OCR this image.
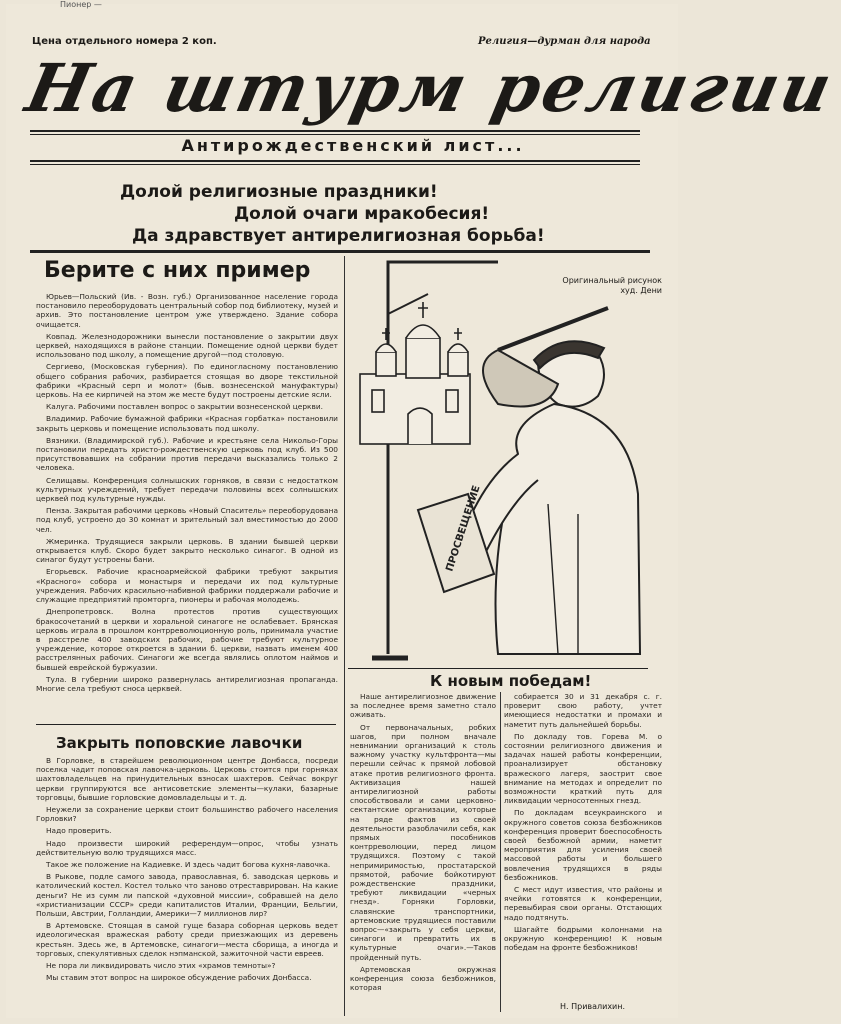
Пионер —
Цена отдельного номера 2 коп.	Религия—дурман для народа
На штурм религии
Антирождественский лист...
Долой религиозные праздники!
Долой очаги мракобесия!
Да здравствует антирелигиозная борьба!
Берите с них пример

Юрьев—Польский (Ив. - Возн. губ.) Организованное население города постановило переоборудовать центральный собор под библиотеку, музей и архив. Это постановление центром уже утверждено. Здание собора очищается.

Ковпад. Железнодорожники вынесли постановление о закрытии двух церквей, находящихся в районе станции. Помещение одной церкви будет использовано под школу, а помещение другой—под столовую.

Сергиево, (Московская губерния). По единогласному постановлению общего собрания рабочих, разбирается стоящая во дворе текстильной фабрики «Красный серп и молот» (быв. вознесенской мануфактуры) церковь. На ее кирпичей на этом же месте будут построены детские ясли.

Калуга. Рабочими поставлен вопрос о закрытии вознесенской церкви.

Владимир. Рабочие бумажной фабрики «Красная горбатка» постановили закрыть церковь и помещение использовать под школу.

Вязники. (Владимирской губ.). Рабочие и крестьяне села Никольо-Горы постановили передать христо-рождественскую церковь под клуб. Из 500 присутствовавших на собрании против передачи высказались только 2 человека.

Селищавы. Конференция солнышских горняков, в связи с недостатком культурных учреждений, требует передачи половины всех солнышских церквей под культурные нужды.

Пенза. Закрытая рабочими церковь «Новый Спаситель» переоборудована под клуб, устроено до 30 комнат и зрительный зал вместимостью до 2000 чел.

Жмеринка. Трудящиеся закрыли церковь. В здании бывшей церкви открывается клуб. Скоро будет закрыто несколько синагог. В одной из синагог будут устроены бани.

Егорьевск. Рабочие красноармейской фабрики требуют закрытия «Красного» собора и монастыря и передачи их под культурные учреждения. Рабочих красильно-набивной фабрики поддержали рабочие и служащие предприятий промторга, пионеры и рабочая молодежь.

Днепропетровск. Волна протестов против существующих бракосочетаний в церкви и хоральной синагоге не ослабевает. Брянская церковь играла в прошлом контрреволюционную роль, принимала участие в расстреле 400 заводских рабочих, рабочие требуют культурное учреждение, которое откроется в здании б. церкви, назвать именем 400 расстрелянных рабочих. Синагоги же всегда являлись оплотом наймов и бывшей еврейской буржуазии.

Тула. В губернии широко развернулась антирелигиозная пропаганда. Многие села требуют сноса церквей.

Закрыть поповские лавочки

В Горловке, в старейшем революционном центре Донбасса, посреди поселка чадит поповская лавочка-церковь. Церковь стоится при горняках шахтовладельцев на принудительных взносах шахтеров. Сейчас вокруг церкви группируются все антисоветские элементы—кулаки, базарные торговцы, бывшие горловские домовладельцы и т. д.

Неужели за сохранение церкви стоит большинство рабочего населения Горловки?

Надо проверить.

Надо произвести широкий референдум—опрос, чтобы узнать действительную волю трудящихся масс.

Такое же положение на Кадиевке. И здесь чадит богова кухня-лавочка.

В Рыкове, подле самого завода, православная, б. заводская церковь и католический костел. Костел только что заново отреставрирован. На какие деньги? Не из сумм ли папской «духовной миссии», собравшей на дело «христианизации СССР» среди капиталистов Италии, Франции, Бельгии, Польши, Австрии, Голландии, Америки—7 миллионов лир?

В Артемовске. Стоящая в самой гуще базара соборная церковь ведет идеологическая вражеская работу среди приезжающих из деревень крестьян. Здесь же, в Артемовске, синагоги—места сборища, а иногда и торговых, спекулятивных сделок нэпманской, зажиточной части евреев.

Не пора ли ликвидировать число этих «храмов темноты»?

Мы ставим этот вопрос на широкое обсуждение рабочих Донбасса.

ПРОСВЕЩЕНИЕ
Оригинальный рисунок
худ. Дени
К новым победам!

Наше антирелигиозное движение за последнее время заметно стало оживать.

От первоначальных, робких шагов, при полном вначале невнимании организаций к столь важному участку культфронта—мы перешли сейчас к прямой лобовой атаке против религиозного фронта. Активизация нашей антирелигиозной работы способствовали и сами церковно-сектантские организации, которые на ряде фактов из своей деятельности разоблачили себя, как прямых пособников контрреволюции, перед лицом трудящихся. Поэтому с такой непримиримостью, простатарской прямотой, рабочие бойкотируют рождественские праздники, требуют ликвидации «черных гнезд». Горняки Горловки, славянские транспортники, артемовские трудящиеся поставили вопрос—«закрыть у себя церкви, синагоги и превратить их в культурные очаги».—Таков пройденный путь.

Артемовская окружная конференция союза безбожников, которая

собирается 30 и 31 декабря с. г. проверит свою работу, учтет имеющиеся недостатки и промахи и наметит путь дальнейшей борьбы.

По докладу тов. Горева М. о состоянии религиозного движения и задачах нашей работы конференции, проанализирует обстановку вражеского лагеря, заострит свое внимание на методах и определит по возможности краткий путь для ликвидации черносотенных гнезд.

По докладам всеукраинского и окружного советов союза безбожников конференция проверит боеспособность своей безбожной армии, наметит мероприятия для усиления своей массовой работы и большего вовлечения трудящихся в ряды безбожников.

С мест идут известия, что районы и ячейки готовятся к конференции, перевыбирая свои органы. Отстающих надо подтянуть.

Шагайте бодрыми колоннами на окружную конференцию! К новым победам на фронте безбожников!

Н. Привалихин.
